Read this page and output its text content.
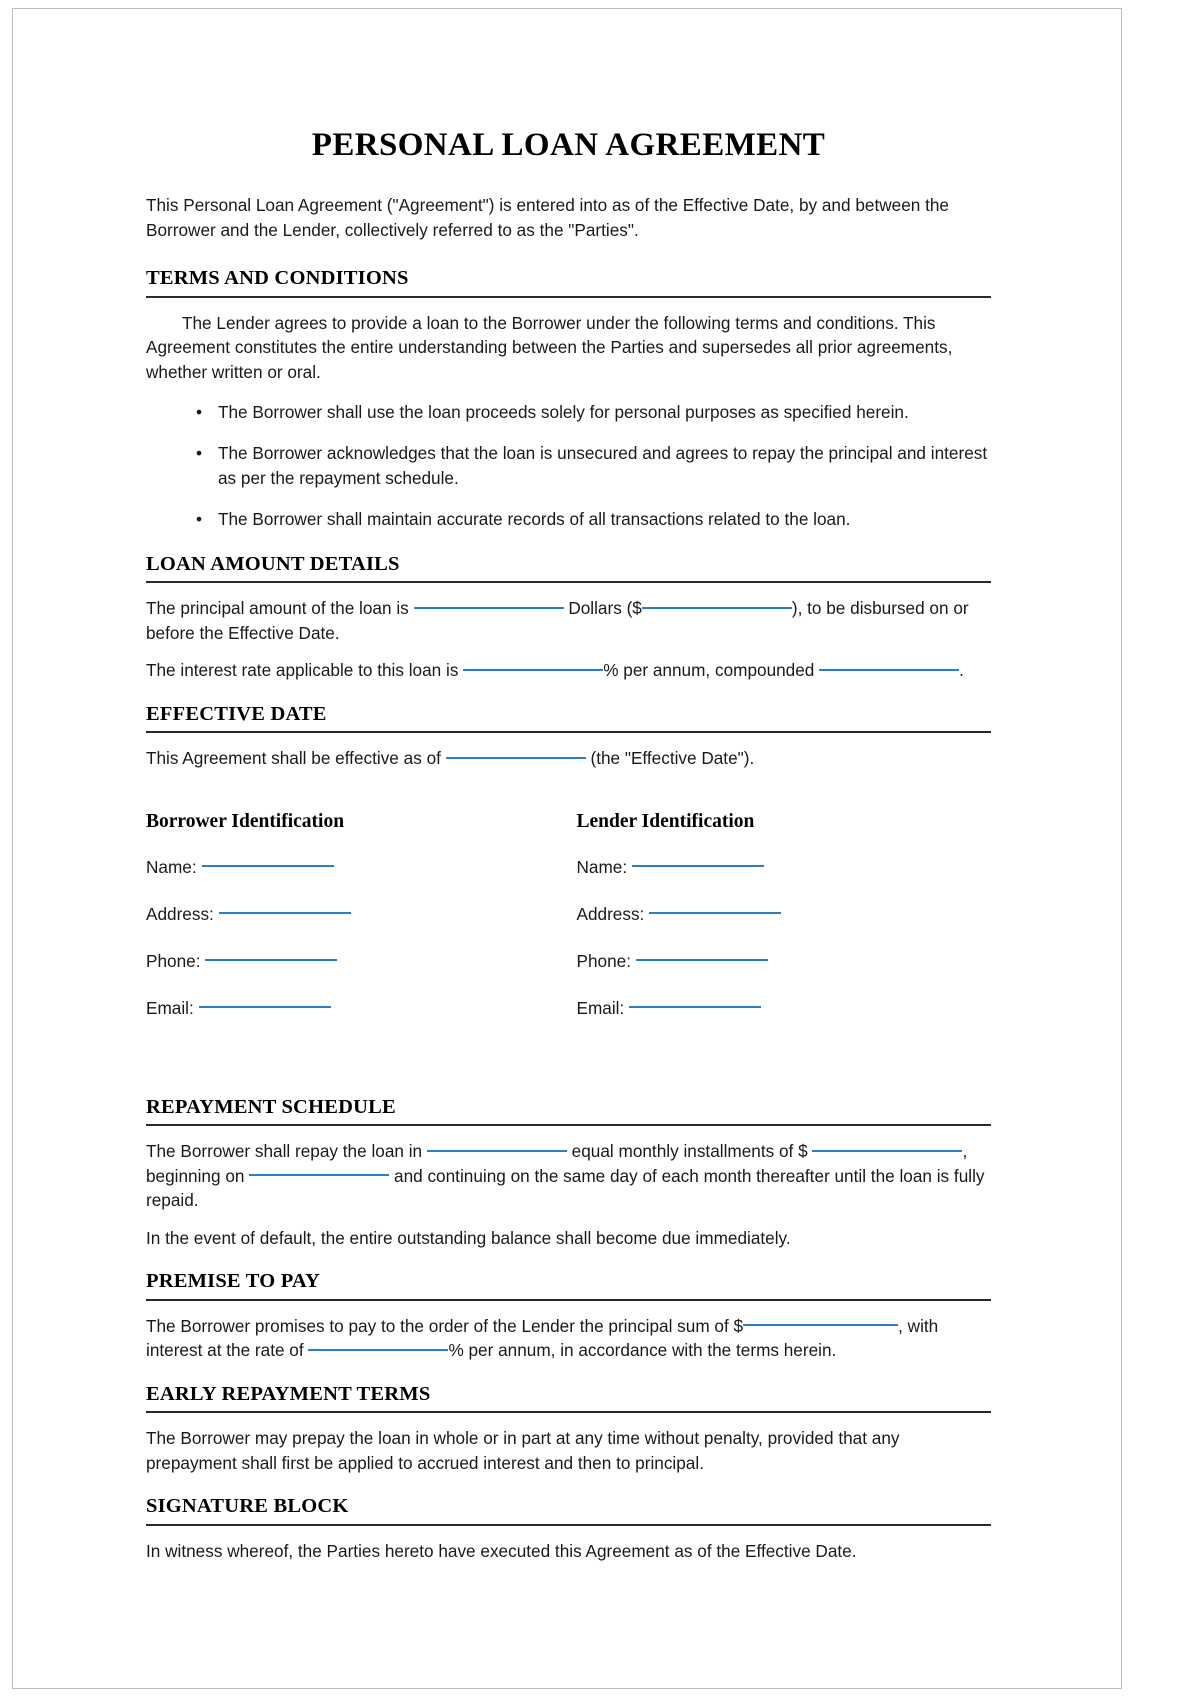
PERSONAL LOAN AGREEMENT

This Personal Loan Agreement ("Agreement") is entered into as of the Effective Date, by and between the Borrower and the Lender, collectively referred to as the "Parties".

TERMS AND CONDITIONS

The Lender agrees to provide a loan to the Borrower under the following terms and conditions. This Agreement constitutes the entire understanding between the Parties and supersedes all prior agreements, whether written or oral.

• The Borrower shall use the loan proceeds solely for personal purposes as specified herein.
• The Borrower acknowledges that the loan is unsecured and agrees to repay the principal and interest as per the repayment schedule.
• The Borrower shall maintain accurate records of all transactions related to the loan.
LOAN AMOUNT DETAILS

The principal amount of the loan is	Dollars ($	), to be disbursed on or before the Effective Date.

The interest rate applicable to this loan is	% per annum, compounded	.

EFFECTIVE DATE

This Agreement shall be effective as of	(the "Effective Date").

Borrower Identification
Name:
Address:
Phone:
Email:
Lender Identification
Name:
Address:
Phone:
Email:
REPAYMENT SCHEDULE

The Borrower shall repay the loan in	equal monthly installments of $	, beginning on	and continuing on the same day of each month thereafter until the loan is fully repaid.

In the event of default, the entire outstanding balance shall become due immediately.

PREMISE TO PAY

The Borrower promises to pay to the order of the Lender the principal sum of $	, with interest at the rate of	% per annum, in accordance with the terms herein.

EARLY REPAYMENT TERMS

The Borrower may prepay the loan in whole or in part at any time without penalty, provided that any prepayment shall first be applied to accrued interest and then to principal.

SIGNATURE BLOCK

In witness whereof, the Parties hereto have executed this Agreement as of the Effective Date.
